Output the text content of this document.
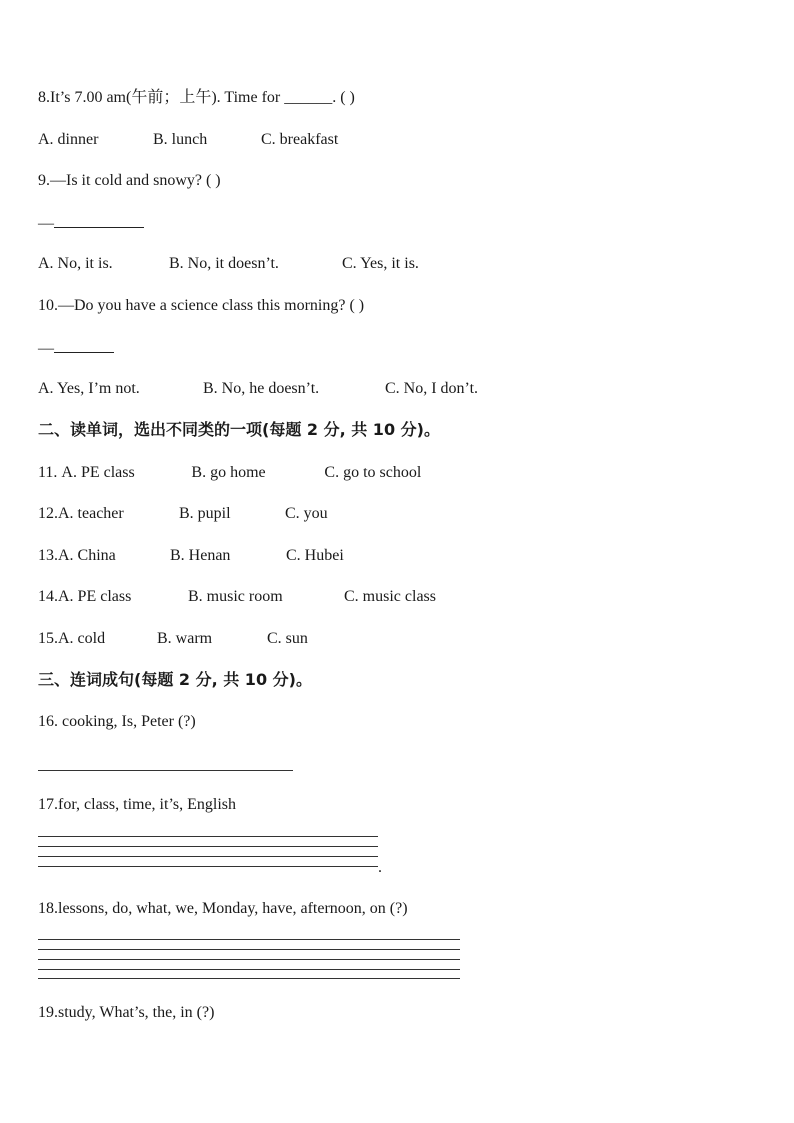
8.It’s 7.00 am(午前；上午). Time for ______. ( )
A. dinner	B. lunch	C. breakfast
9.—Is it cold and snowy? ( )
—
A. No, it is.	B. No, it doesn’t.	C. Yes, it is.
10.—Do you have a science class this morning? ( )
—
A. Yes, I’m not.	B. No, he doesn’t.	C. No, I don’t.
二、读单词，选出不同类的一项(每题 2 分, 共 10 分)。
11. A. PE class	B. go home	C. go to school
12.A. teacher	B. pupil	C. you
13.A. China	B. Henan	C. Hubei
14.A. PE class	B. music room	C. music class
15.A. cold	B. warm	C. sun
三、连词成句(每题 2 分, 共 10 分)。
16. cooking, Is, Peter (?)
17.for, class, time, it’s, English
.
18.lessons, do, what, we, Monday, have, afternoon, on (?)
19.study, What’s, the, in (?)
